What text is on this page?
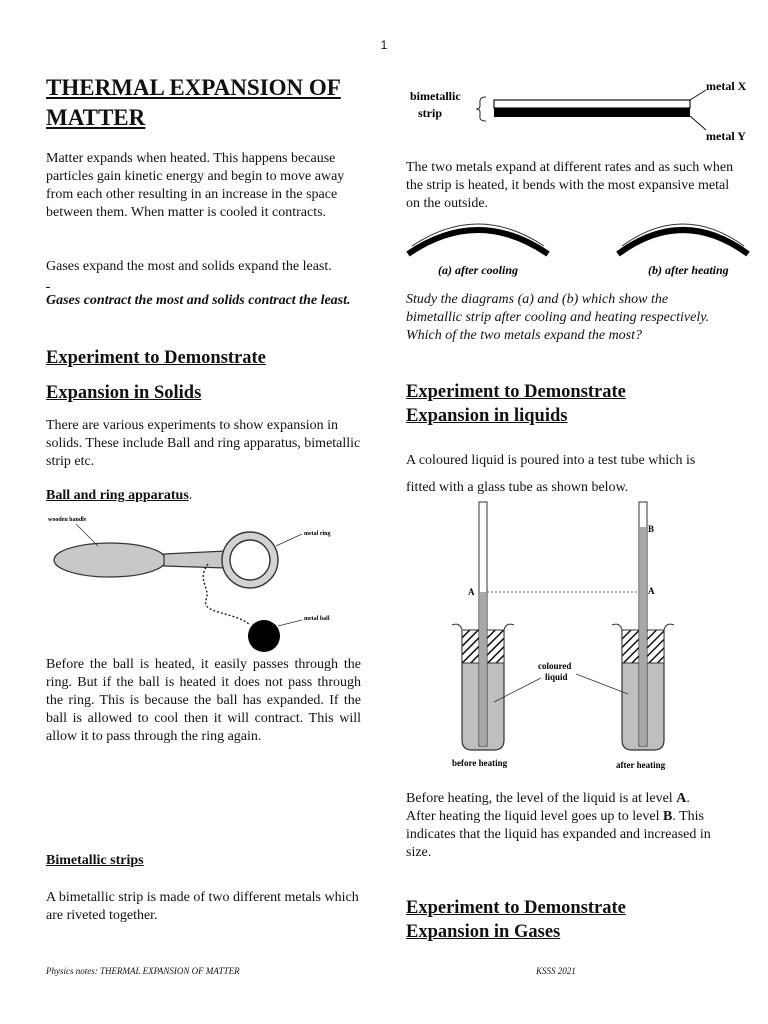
1
THERMAL EXPANSION OF MATTER

Matter expands when heated. This happens because particles gain kinetic energy and begin to move away from each other resulting in an increase in the space between them. When matter is cooled it contracts.

Gases expand the most and solids expand the least.

Gases contract the most and solids contract the least.

Experiment to Demonstrate
Expansion in Solids

There are various experiments to show expansion in solids. These include Ball and ring apparatus, bimetallic strip etc.

Ball and ring apparatus.
wooden handle
metal ring
metal ball

Before the ball is heated, it easily passes through the ring. But if the ball is heated it does not pass through the ring. This is because the ball has expanded. If the ball is allowed to cool then it will contract. This will allow it to pass through the ring again.

Bimetallic strips

A bimetallic strip is made of two different metals which are riveted together.

bimetallic
strip
metal X
metal Y

The two metals expand at different rates and as such when the strip is heated, it bends with the most expansive metal on the outside.

(a) after cooling	(b) after heating

Study the diagrams (a) and (b) which show the bimetallic strip after cooling and heating respectively. Which of the two metals expand the most?

Experiment to Demonstrate
Expansion in liquids

A coloured liquid is poured into a test tube which is

fitted with a glass tube as shown below.

A	A
B
coloured
liquid
before heating	after heating

Before heating, the level of the liquid is at level A.
After heating the liquid level goes up to level B. This indicates that the liquid has expanded and increased in size.

Experiment to Demonstrate
Expansion in Gases
Physics notes: THERMAL EXPANSION OF MATTER	KSSS 2021
